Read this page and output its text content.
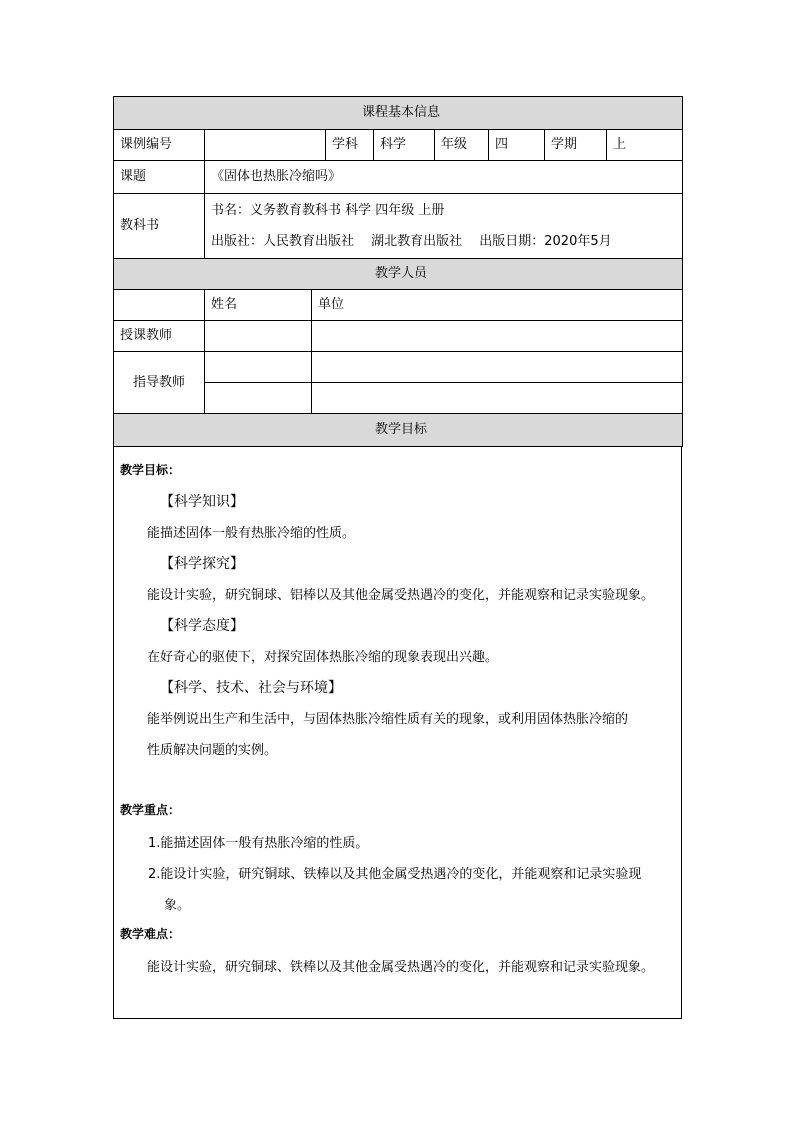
课程基本信息								
课例编号			学科	科学	年级	四	学期	上
课题	《固体也热胀冷缩吗》							
教科书	书名：义务教育教科书 科学 四年级 上册
出版社：人民教育出版社　 湖北教育出版社　 出版日期：2020年5月							

教学人员								
	姓名	单位						
授课教师								
指导教师								

教学目标								

教学目标：

【科学知识】

能描述固体一般有热胀冷缩的性质。

【科学探究】

能设计实验，研究铜球、铝棒以及其他金属受热遇冷的变化，并能观察和记录实验现象。

【科学态度】

在好奇心的驱使下，对探究固体热胀冷缩的现象表现出兴趣。

【科学、技术、社会与环境】

能举例说出生产和生活中，与固体热胀冷缩性质有关的现象，或利用固体热胀冷缩的

性质解决问题的实例。

教学重点：

1.能描述固体一般有热胀冷缩的性质。

2.能设计实验，研究铜球、铁棒以及其他金属受热遇冷的变化，并能观察和记录实验现

象。

教学难点：

能设计实验，研究铜球、铁棒以及其他金属受热遇冷的变化，并能观察和记录实验现象。
